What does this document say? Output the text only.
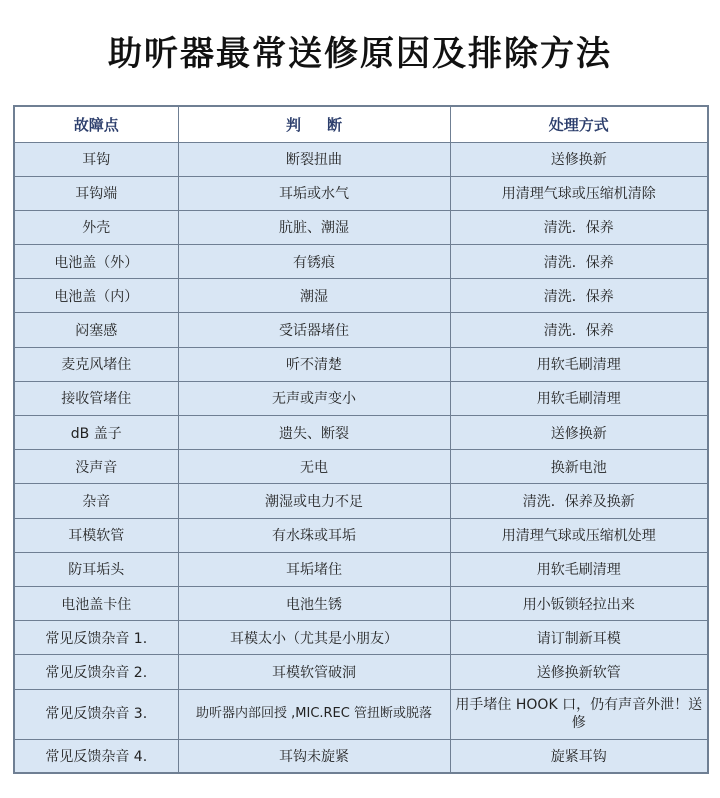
助听器最常送修原因及排除方法
故障点	判断	处理方式
耳钩	断裂扭曲	送修换新
耳钩端	耳垢或水气	用清理气球或压缩机清除
外壳	肮脏、潮湿	清洗．保养
电池盖（外）	有锈痕	清洗．保养
电池盖（内）	潮湿	清洗．保养
闷塞感	受话器堵住	清洗．保养
麦克风堵住	听不清楚	用软毛刷清理
接收管堵住	无声或声变小	用软毛刷清理
dB 盖子	遗失、断裂	送修换新
没声音	无电	换新电池
杂音	潮湿或电力不足	清洗．保养及换新
耳模软管	有水珠或耳垢	用清理气球或压缩机处理
防耳垢头	耳垢堵住	用软毛刷清理
电池盖卡住	电池生锈	用小钣锁轻拉出来
常见反馈杂音 1.	耳模太小（尤其是小朋友）	请订制新耳模
常见反馈杂音 2.	耳模软管破洞	送修换新软管
常见反馈杂音 3.	助听器内部回授 ,MIC.REC 管扭断或脱落	用手堵住 HOOK 口，仍有声音外泄！送修
常见反馈杂音 4.	耳钩未旋紧	旋紧耳钩
